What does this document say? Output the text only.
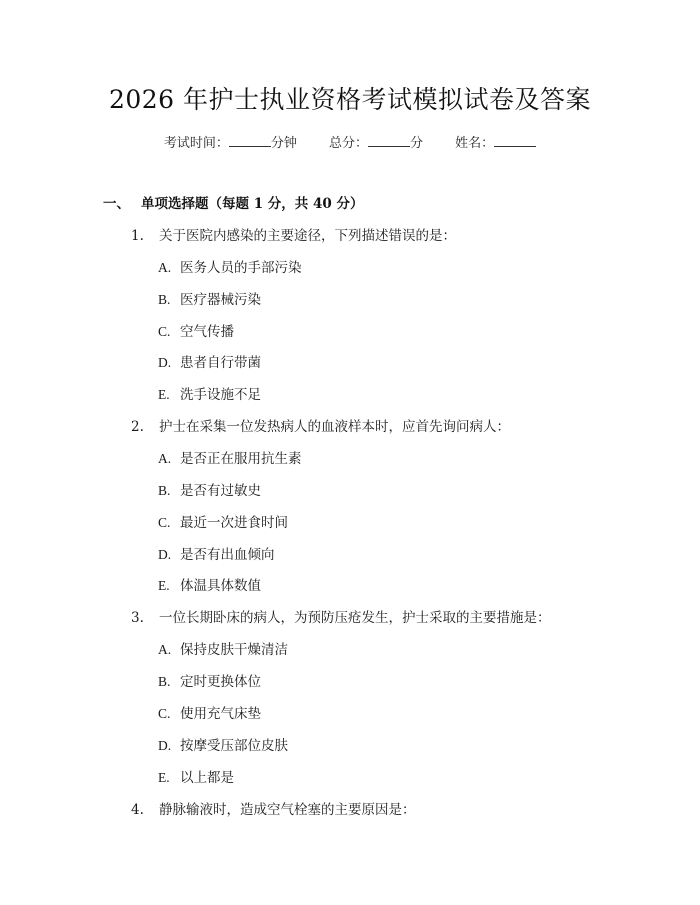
2026 年护士执业资格考试模拟试卷及答案
考试时间：	分钟 总分：	分 姓名：
一、 单项选择题（每题 1 分，共 40 分）
1. 关于医院内感染的主要途径，下列描述错误的是：
A. 医务人员的手部污染
B. 医疗器械污染
C. 空气传播
D. 患者自行带菌
E. 洗手设施不足
2. 护士在采集一位发热病人的血液样本时，应首先询问病人：
A. 是否正在服用抗生素
B. 是否有过敏史
C. 最近一次进食时间
D. 是否有出血倾向
E. 体温具体数值
3. 一位长期卧床的病人，为预防压疮发生，护士采取的主要措施是：
A. 保持皮肤干燥清洁
B. 定时更换体位
C. 使用充气床垫
D. 按摩受压部位皮肤
E. 以上都是
4. 静脉输液时，造成空气栓塞的主要原因是：
